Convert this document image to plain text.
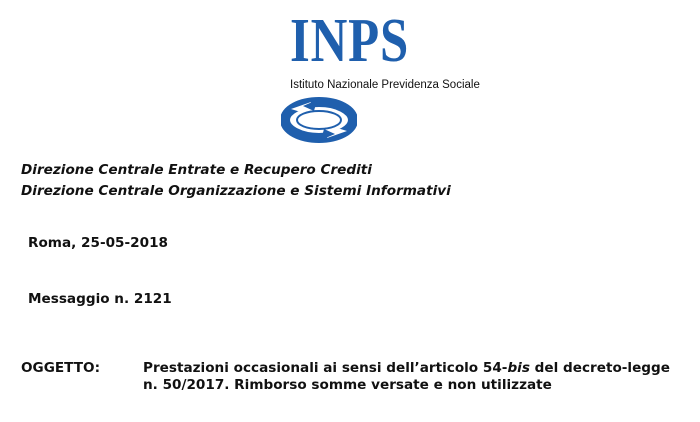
INPS
Istituto Nazionale Previdenza Sociale
Direzione Centrale Entrate e Recupero Crediti
Direzione Centrale Organizzazione e Sistemi Informativi
Roma, 25-05-2018
Messaggio n. 2121
OGGETTO:	Prestazioni occasionali ai sensi dell’articolo 54-bis del decreto-legge
n. 50/2017. Rimborso somme versate e non utilizzate
